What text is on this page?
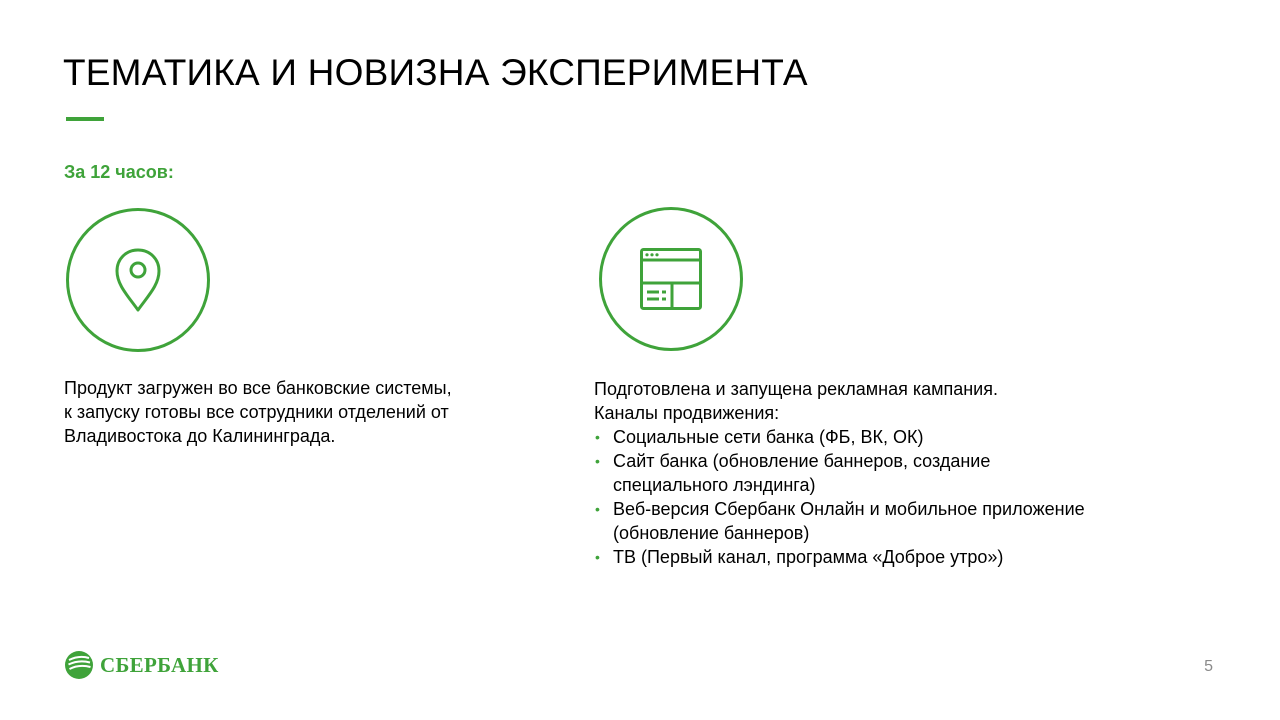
ТЕМАТИКА И НОВИЗНА ЭКСПЕРИМЕНТА
За 12 часов:
Продукт загружен во все банковские системы,
к запуску готовы все сотрудники отделений от
Владивостока до Калининграда.
Подготовлена и запущена рекламная кампания.
Каналы продвижения:
• Социальные сети банка (ФБ, ВК, ОК)
• Сайт банка (обновление баннеров, создание
специального лэндинга)
• Веб-версия Сбербанк Онлайн и мобильное приложение
(обновление баннеров)
• ТВ (Первый канал, программа «Доброе утро»)
СБЕРБАНК	5
